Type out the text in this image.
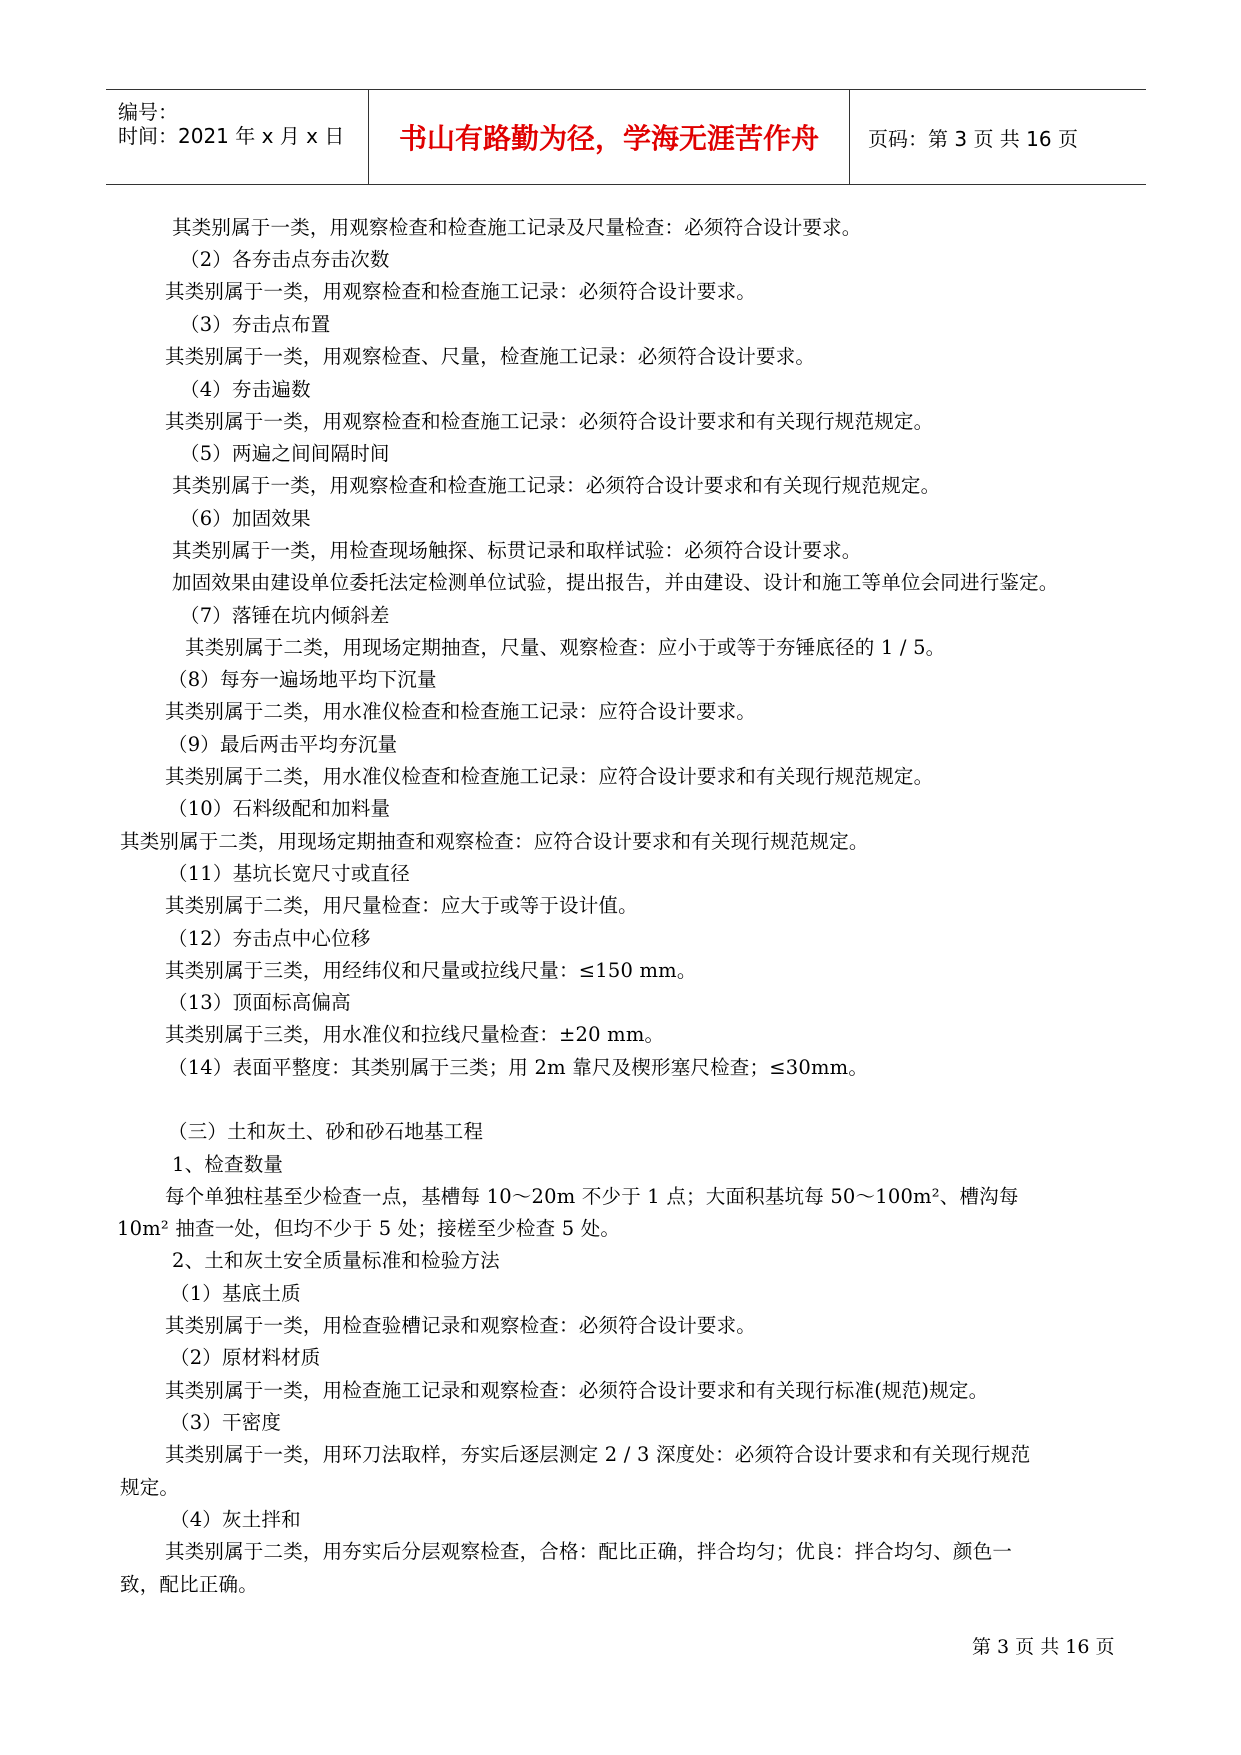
编号：
时间：2021 年 x 月 x 日 书山有路勤为径，学海无涯苦作舟 页码：第 3 页 共 16 页
其类别属于一类，用观察检查和检查施工记录及尺量检查：必须符合设计要求。
（2）各夯击点夯击次数
其类别属于一类，用观察检查和检查施工记录：必须符合设计要求。
（3）夯击点布置
其类别属于一类，用观察检查、尺量，检查施工记录：必须符合设计要求。
（4）夯击遍数
其类别属于一类，用观察检查和检查施工记录：必须符合设计要求和有关现行规范规定。
（5）两遍之间间隔时间
其类别属于一类，用观察检查和检查施工记录：必须符合设计要求和有关现行规范规定。
（6）加固效果
其类别属于一类，用检查现场触探、标贯记录和取样试验：必须符合设计要求。
加固效果由建设单位委托法定检测单位试验，提出报告，并由建设、设计和施工等单位会同进行鉴定。
（7）落锤在坑内倾斜差
其类别属于二类，用现场定期抽查，尺量、观察检查：应小于或等于夯锤底径的 1 / 5。
（8）每夯一遍场地平均下沉量
其类别属于二类，用水准仪检查和检查施工记录：应符合设计要求。
（9）最后两击平均夯沉量
其类别属于二类，用水准仪检查和检查施工记录：应符合设计要求和有关现行规范规定。
（10）石料级配和加料量
其类别属于二类，用现场定期抽查和观察检查：应符合设计要求和有关现行规范规定。
（11）基坑长宽尺寸或直径
其类别属于二类，用尺量检查：应大于或等于设计值。
（12）夯击点中心位移
其类别属于三类，用经纬仪和尺量或拉线尺量：≤150 mm。
（13）顶面标高偏高
其类别属于三类，用水准仪和拉线尺量检查：±20 mm。
（14）表面平整度：其类别属于三类；用 2m 靠尺及楔形塞尺检查；≤30mm。
（三）土和灰土、砂和砂石地基工程
1、检查数量
每个单独柱基至少检查一点，基槽每 10～20m 不少于 1 点；大面积基坑每 50～100m²、槽沟每
10m² 抽查一处，但均不少于 5 处；接槎至少检查 5 处。
2、土和灰土安全质量标准和检验方法
（1）基底土质
其类别属于一类，用检查验槽记录和观察检查：必须符合设计要求。
（2）原材料材质
其类别属于一类，用检查施工记录和观察检查：必须符合设计要求和有关现行标准(规范)规定。
（3）干密度
其类别属于一类，用环刀法取样，夯实后逐层测定 2 / 3 深度处：必须符合设计要求和有关现行规范
规定。
（4）灰土拌和
其类别属于二类，用夯实后分层观察检查，合格：配比正确，拌合均匀；优良：拌合均匀、颜色一
致，配比正确。
第 3 页 共 16 页
